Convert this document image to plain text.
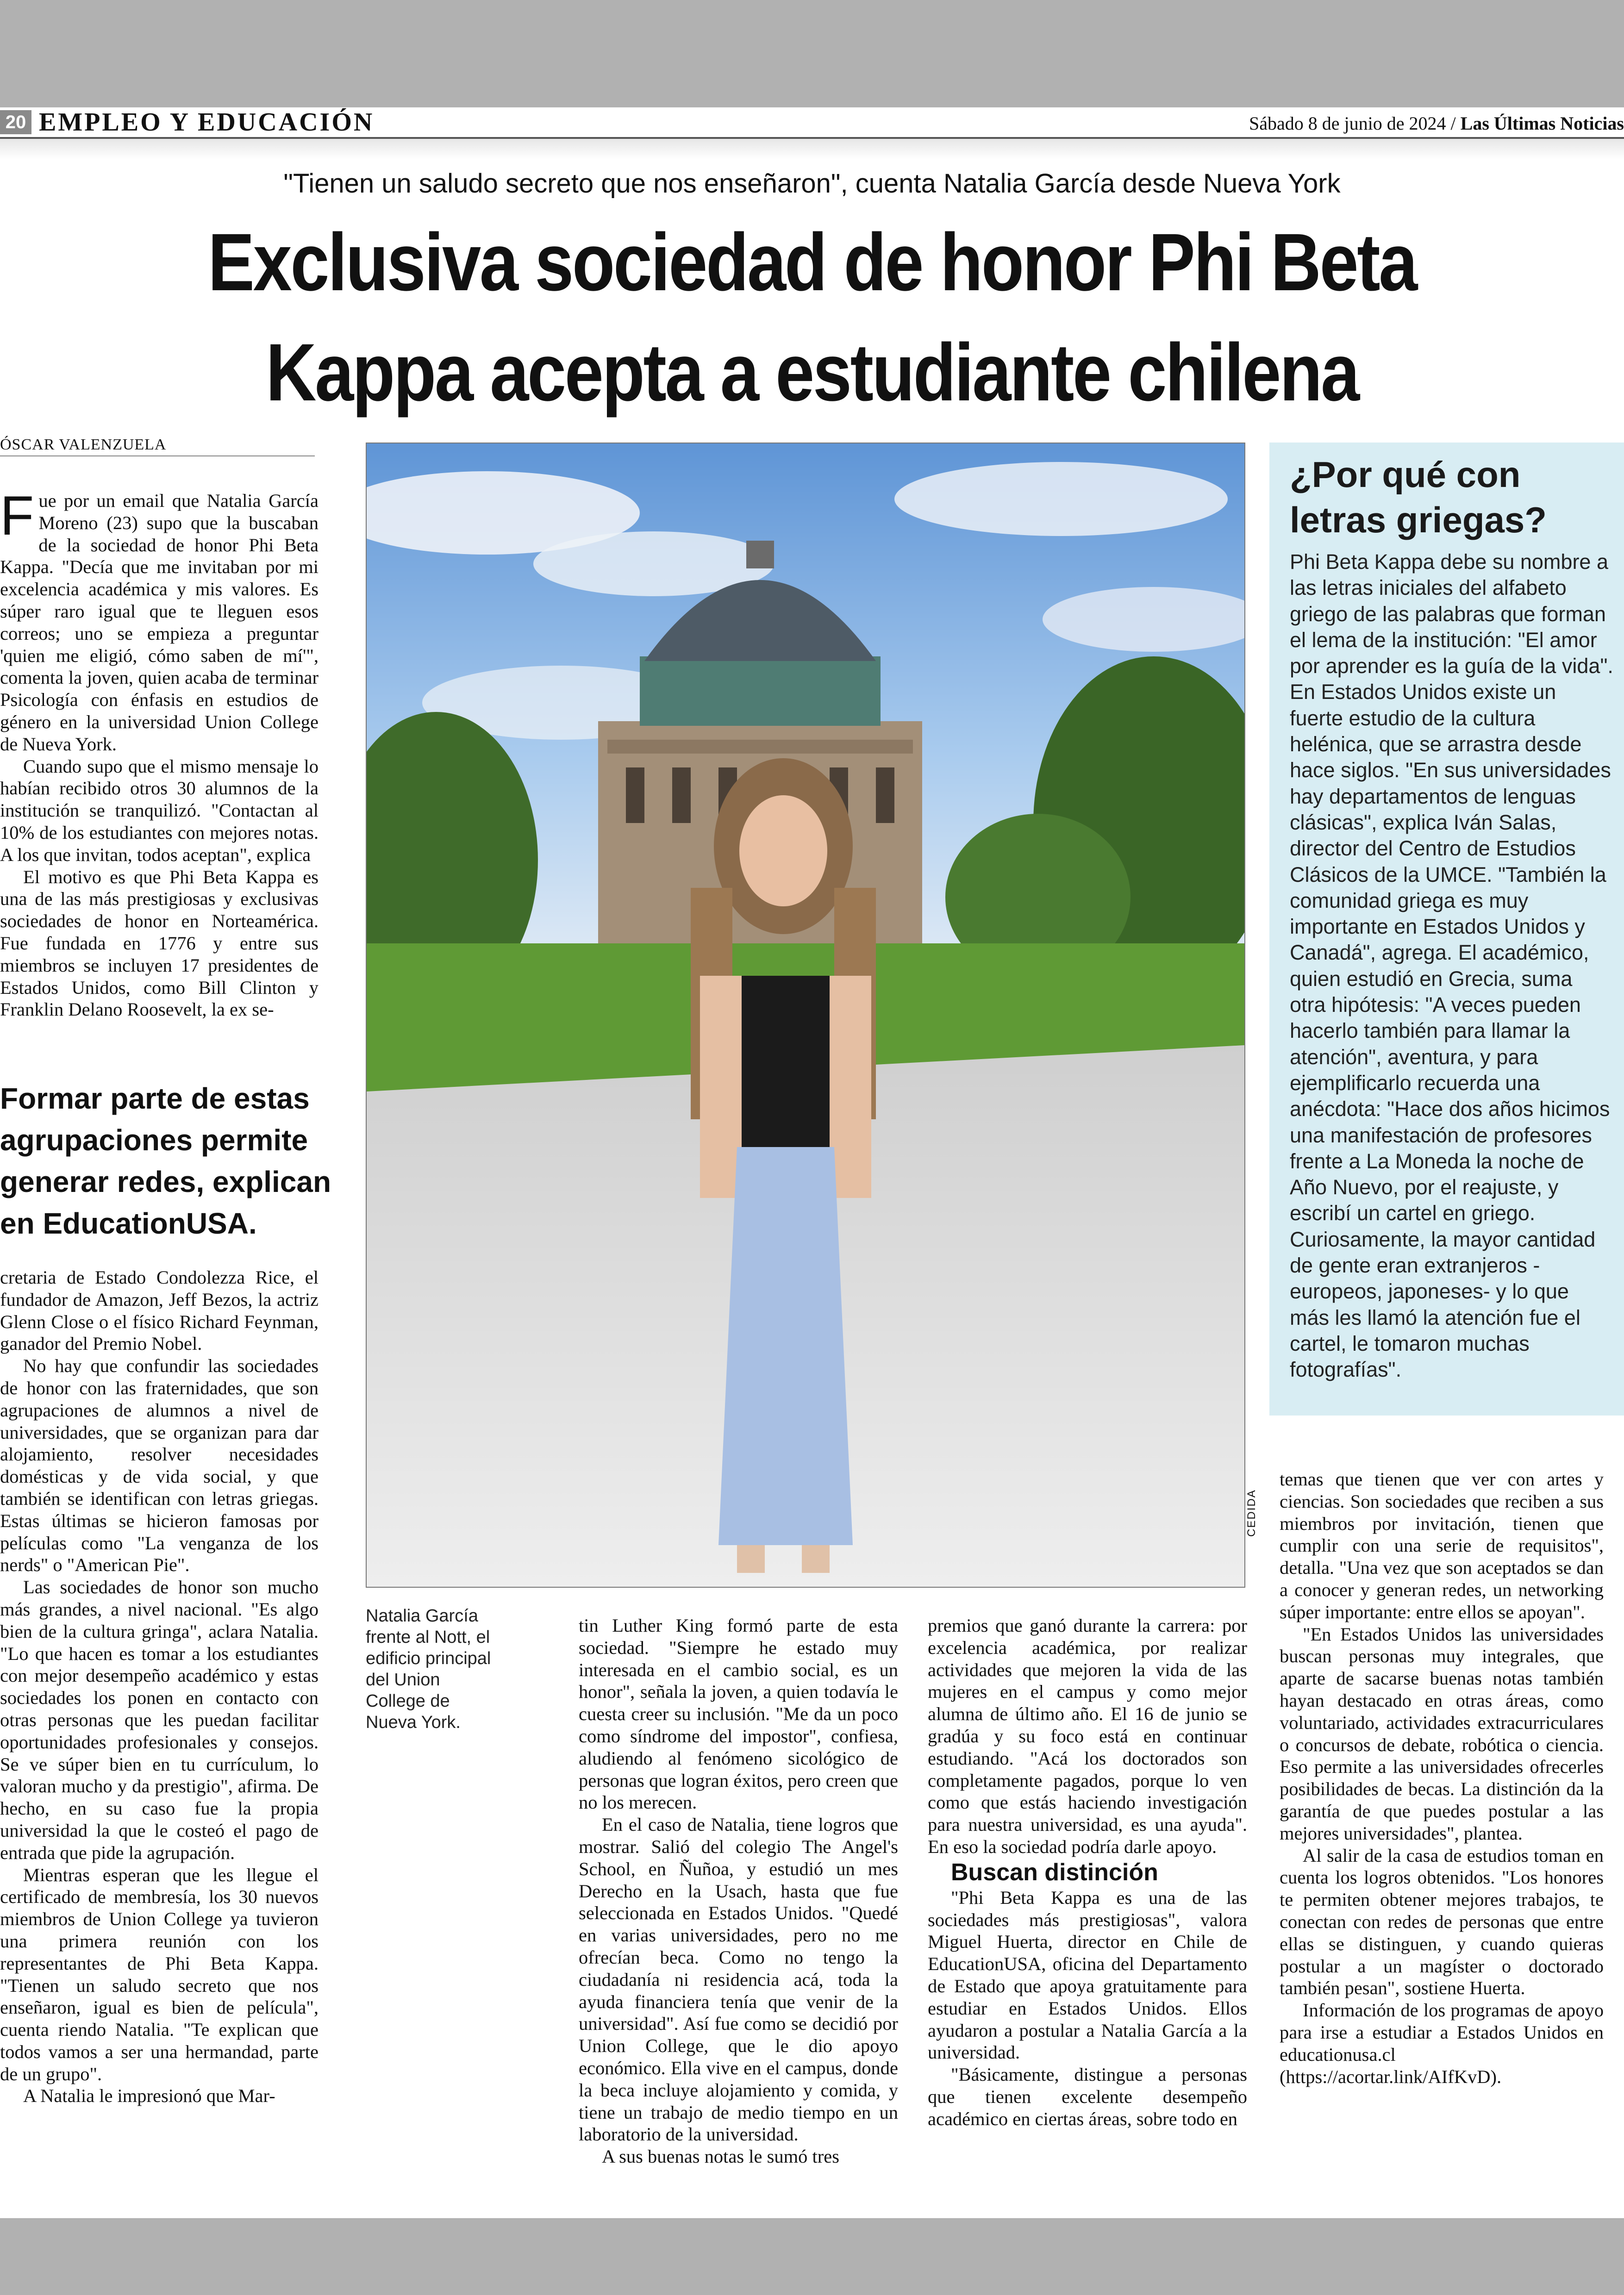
20 EMPLEO Y EDUCACIÓN	Sábado 8 de junio de 2024 / Las Últimas Noticias
"Tienen un saludo secreto que nos enseñaron", cuenta Natalia García desde Nueva York
Exclusiva sociedad de honor Phi Beta
Kappa acepta a estudiante chilena
ÓSCAR VALENZUELA

Fue por un email que Natalia García Moreno (23) supo que la buscaban de la sociedad de honor Phi Beta Kappa. "Decía que me invitaban por mi excelencia académica y mis valores. Es súper raro igual que te lleguen esos correos; uno se empieza a preguntar 'quien me eligió, cómo saben de mí'", comenta la joven, quien acaba de terminar Psicología con énfasis en estudios de género en la universidad Union College de Nueva York.

Cuando supo que el mismo mensaje lo habían recibido otros 30 alumnos de la institución se tranquilizó. "Contactan al 10% de los estudiantes con mejores notas. A los que invitan, todos aceptan", explica

El motivo es que Phi Beta Kappa es una de las más prestigiosas y exclusivas sociedades de honor en Norteamérica. Fue fundada en 1776 y entre sus miembros se incluyen 17 presidentes de Estados Unidos, como Bill Clinton y Franklin Delano Roosevelt, la ex se-

Formar parte de estas agrupaciones permite generar redes, explican en EducationUSA.

cretaria de Estado Condolezza Rice, el fundador de Amazon, Jeff Bezos, la actriz Glenn Close o el físico Richard Feynman, ganador del Premio Nobel.

No hay que confundir las sociedades de honor con las fraternidades, que son agrupaciones de alumnos a nivel de universidades, que se organizan para dar alojamiento, resolver necesidades domésticas y de vida social, y que también se identifican con letras griegas. Estas últimas se hicieron famosas por películas como "La venganza de los nerds" o "American Pie".

Las sociedades de honor son mucho más grandes, a nivel nacional. "Es algo bien de la cultura gringa", aclara Natalia. "Lo que hacen es tomar a los estudiantes con mejor desempeño académico y estas sociedades los ponen en contacto con otras personas que les puedan facilitar oportunidades profesionales y consejos. Se ve súper bien en tu currículum, lo valoran mucho y da prestigio", afirma. De hecho, en su caso fue la propia universidad la que le costeó el pago de entrada que pide la agrupación.

Mientras esperan que les llegue el certificado de membresía, los 30 nuevos miembros de Union College ya tuvieron una primera reunión con los representantes de Phi Beta Kappa. "Tienen un saludo secreto que nos enseñaron, igual es bien de película", cuenta riendo Natalia. "Te explican que todos vamos a ser una hermandad, parte de un grupo".

A Natalia le impresionó que Mar-

CEDIDA
Natalia García frente al Nott, el edificio principal del Union College de Nueva York.
¿Por qué con letras griegas?

Phi Beta Kappa debe su nombre a las letras iniciales del alfabeto griego de las palabras que forman el lema de la institución: "El amor por aprender es la guía de la vida". En Estados Unidos existe un fuerte estudio de la cultura helénica, que se arrastra desde hace siglos. "En sus universidades hay departamentos de lenguas clásicas", explica Iván Salas, director del Centro de Estudios Clásicos de la UMCE. "También la comunidad griega es muy importante en Estados Unidos y Canadá", agrega. El académico, quien estudió en Grecia, suma otra hipótesis: "A veces pueden hacerlo también para llamar la atención", aventura, y para ejemplificarlo recuerda una anécdota: "Hace dos años hicimos una manifestación de profesores frente a La Moneda la noche de Año Nuevo, por el reajuste, y escribí un cartel en griego. Curiosamente, la mayor cantidad de gente eran extranjeros -europeos, japoneses- y lo que más les llamó la atención fue el cartel, le tomaron muchas fotografías".

tin Luther King formó parte de esta sociedad. "Siempre he estado muy interesada en el cambio social, es un honor", señala la joven, a quien todavía le cuesta creer su inclusión. "Me da un poco como síndrome del impostor", confiesa, aludiendo al fenómeno sicológico de personas que logran éxitos, pero creen que no los merecen.

En el caso de Natalia, tiene logros que mostrar. Salió del colegio The Angel's School, en Ñuñoa, y estudió un mes Derecho en la Usach, hasta que fue seleccionada en Estados Unidos. "Quedé en varias universidades, pero no me ofrecían beca. Como no tengo la ciudadanía ni residencia acá, toda la ayuda financiera tenía que venir de la universidad". Así fue como se decidió por Union College, que le dio apoyo económico. Ella vive en el campus, donde la beca incluye alojamiento y comida, y tiene un trabajo de medio tiempo en un laboratorio de la universidad.

A sus buenas notas le sumó tres

premios que ganó durante la carrera: por excelencia académica, por realizar actividades que mejoren la vida de las mujeres en el campus y como mejor alumna de último año. El 16 de junio se gradúa y su foco está en continuar estudiando. "Acá los doctorados son completamente pagados, porque lo ven como que estás haciendo investigación para nuestra universidad, es una ayuda". En eso la sociedad podría darle apoyo.

Buscan distinción

"Phi Beta Kappa es una de las sociedades más prestigiosas", valora Miguel Huerta, director en Chile de EducationUSA, oficina del Departamento de Estado que apoya gratuitamente para estudiar en Estados Unidos. Ellos ayudaron a postular a Natalia García a la universidad.

"Básicamente, distingue a personas que tienen excelente desempeño académico en ciertas áreas, sobre todo en

temas que tienen que ver con artes y ciencias. Son sociedades que reciben a sus miembros por invitación, tienen que cumplir con una serie de requisitos", detalla. "Una vez que son aceptados se dan a conocer y generan redes, un networking súper importante: entre ellos se apoyan".

"En Estados Unidos las universidades buscan personas muy integrales, que aparte de sacarse buenas notas también hayan destacado en otras áreas, como voluntariado, actividades extracurriculares o concursos de debate, robótica o ciencia. Eso permite a las universidades ofrecerles posibilidades de becas. La distinción da la garantía de que puedes postular a las mejores universidades", plantea.

Al salir de la casa de estudios toman en cuenta los logros obtenidos. "Los honores te permiten obtener mejores trabajos, te conectan con redes de personas que entre ellas se distinguen, y cuando quieras postular a un magíster o doctorado también pesan", sostiene Huerta.

Información de los programas de apoyo para irse a estudiar a Estados Unidos en educationusa.cl (https://acortar.link/AIfKvD).
